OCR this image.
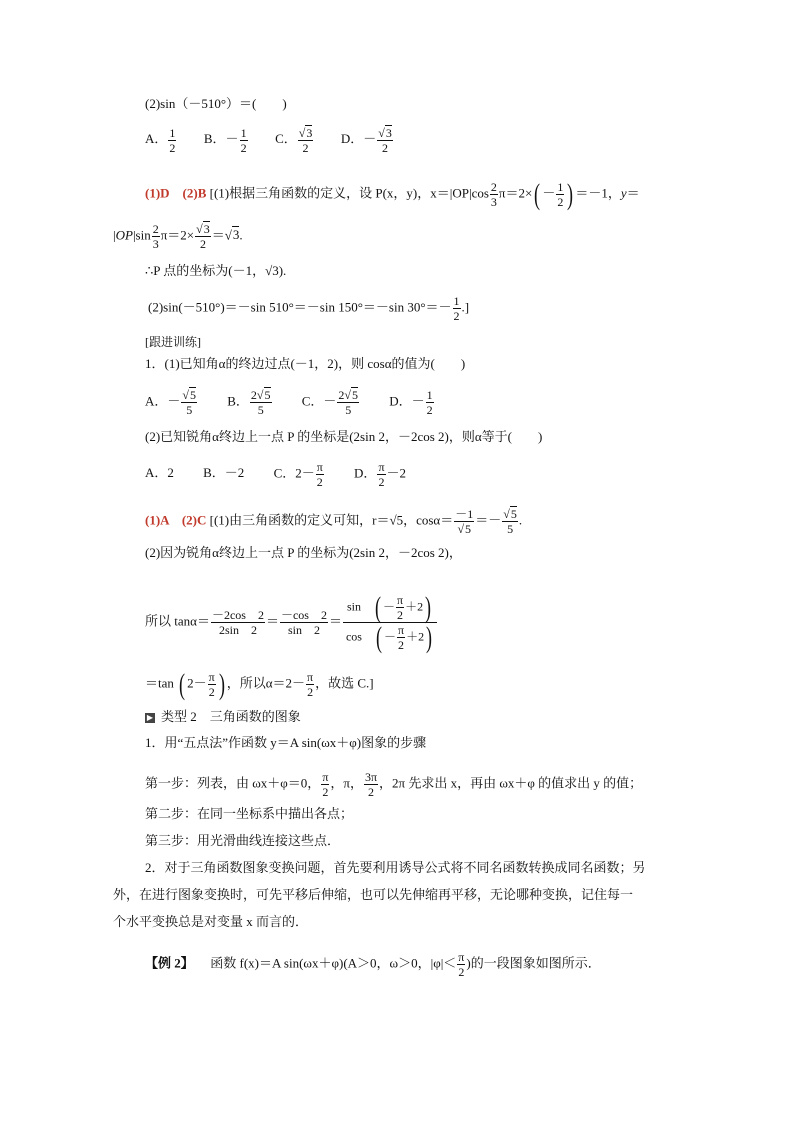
(2)sin（－510°）＝(　　)
A． $\frac{1}{2}$ B．－ $\frac{1}{2}$ C． $\frac{√3}{2}$ D．－ $\frac{√3}{2}$
(1)D　(2)B [(1)根据三角函数的定义，设 P(x，y)，$x=|OP|\cos \frac{2}{3} \pi=2\times( - \frac{1}{2}$ ) ＝－1，y＝
$|OP|\sin \frac{2}{3} \pi=2\times \frac{√3}{2} =√3$.
∴P 点的坐标为(－1，√3).
(2)sin(－510°)＝－sin 510°＝－sin 150°＝－sin $30^\circ=- \frac{1}{2}$ .]
[跟进训练]
1．(1)已知角α的终边过点(－1，2)，则 cosα的值为(　　)
A．－ $\frac{√5}{5}$ B． $\frac{2√5}{5}$ C．－ $\frac{2√5}{5}$ D．－ $\frac{1}{2}$
(2)已知锐角α终边上一点 P 的坐标是(2sin 2，－2cos 2)，则α等于(　　)
A．2 B．－2 C．$2- \frac{\pi}{2}$ D． $\frac{\pi}{2} -2$
(1)A　(2)C [(1)由三角函数的定义可知，r＝√5，$\cos\alpha= \frac{-1}{√5} =- \frac{√5}{5}$ .
(2)因为锐角α终边上一点 P 的坐标为(2sin 2，－2cos 2)，
所以 $\tan\alpha= \frac{-2\cos 2}{2\sin 2} = \frac{-\cos 2}{\sin 2} = \frac{\sin ( - \frac{\pi}{2} +2)}{\cos ( - \frac{\pi}{2} +2)}$
＝tan ( $2- \frac{\pi}{2}$ ) ，所以$\alpha=2- \frac{\pi}{2}$ ，故选 C.]
▶ 类型 2　三角函数的图象
1．用“五点法”作函数 y＝A sin(ωx＋φ)图象的步骤
第一步：列表，由 ωx＋φ＝0， $\frac{\pi}{2}$ ，π， $\frac{3\pi}{2}$ ，2π 先求出 x，再由 ωx＋φ 的值求出 y 的值；
第二步：在同一坐标系中描出各点；
第三步：用光滑曲线连接这些点．
2．对于三角函数图象变换问题，首先要利用诱导公式将不同名函数转换成同名函数；另
外，在进行图象变换时，可先平移后伸缩，也可以先伸缩再平移，无论哪种变换，记住每一
个水平变换总是对变量 x 而言的．
【例 2】 函数 f(x)＝A sin(ωx＋φ)(A＞0，ω＞0，$|\varphi|< \frac{\pi}{2}$ )的一段图象如图所示．
